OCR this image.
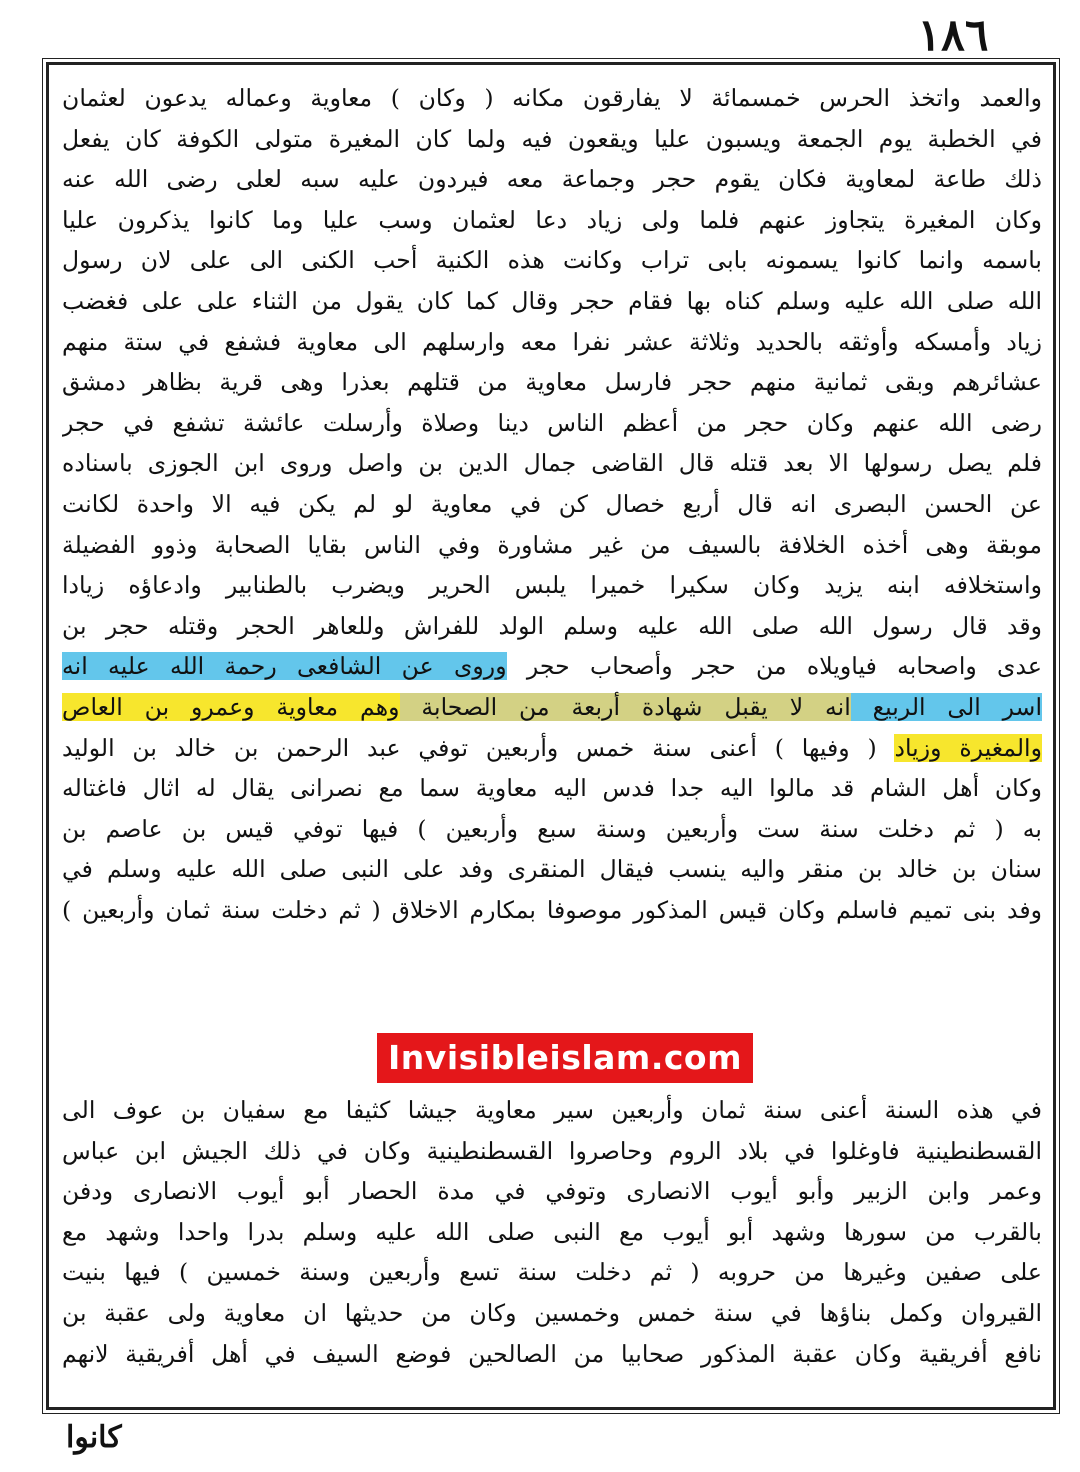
١٨٦
والعمد واتخذ الحرس خمسمائة لا يفارقون مكانه ( وكان ) معاوية وعماله يدعون لعثمان
في الخطبة يوم الجمعة ويسبون عليا ويقعون فيه ولما كان المغيرة متولى الكوفة كان يفعل
ذلك طاعة لمعاوية فكان يقوم حجر وجماعة معه فيردون عليه سبه لعلى رضى الله عنه
وكان المغيرة يتجاوز عنهم فلما ولى زياد دعا لعثمان وسب عليا وما كانوا يذكرون عليا
باسمه وانما كانوا يسمونه بابى تراب وكانت هذه الكنية أحب الكنى الى على لان رسول
الله صلى الله عليه وسلم كناه بها فقام حجر وقال كما كان يقول من الثناء على على فغضب
زياد وأمسكه وأوثقه بالحديد وثلاثة عشر نفرا معه وارسلهم الى معاوية فشفع في ستة منهم
عشائرهم وبقى ثمانية منهم حجر فارسل معاوية من قتلهم بعذرا وهى قرية بظاهر دمشق
رضى الله عنهم وكان حجر من أعظم الناس دينا وصلاة وأرسلت عائشة تشفع في حجر
فلم يصل رسولها الا بعد قتله قال القاضى جمال الدين بن واصل وروى ابن الجوزى باسناده
عن الحسن البصرى انه قال أربع خصال كن في معاوية لو لم يكن فيه الا واحدة لكانت
موبقة وهى أخذه الخلافة بالسيف من غير مشاورة وفي الناس بقايا الصحابة وذوو الفضيلة
واستخلافه ابنه يزيد وكان سكيرا خميرا يلبس الحرير ويضرب بالطنابير وادعاؤه زيادا
وقد قال رسول الله صلى الله عليه وسلم الولد للفراش وللعاهر الحجر وقتله حجر بن
عدى واصحابه فياويلاه من حجر وأصحاب حجر وروى عن الشافعى رحمة الله عليه انه
اسر الى الربيع انه لا يقبل شهادة أربعة من الصحابة وهم معاوية وعمرو بن العاص
والمغيرة وزياد ( وفيها ) أعنى سنة خمس وأربعين توفي عبد الرحمن بن خالد بن الوليد
وكان أهل الشام قد مالوا اليه جدا فدس اليه معاوية سما مع نصرانى يقال له اثال فاغتاله
به ( ثم دخلت سنة ست وأربعين وسنة سبع وأربعين ) فيها توفي قيس بن عاصم بن
سنان بن خالد بن منقر واليه ينسب فيقال المنقرى وفد على النبى صلى الله عليه وسلم في
وفد بنى تميم فاسلم وكان قيس المذكور موصوفا بمكارم الاخلاق ( ثم دخلت سنة ثمان وأربعين )
Invisibleislam.com
في هذه السنة أعنى سنة ثمان وأربعين سير معاوية جيشا كثيفا مع سفيان بن عوف الى
القسطنطينية فاوغلوا في بلاد الروم وحاصروا القسطنطينية وكان في ذلك الجيش ابن عباس
وعمر وابن الزبير وأبو أيوب الانصارى وتوفي في مدة الحصار أبو أيوب الانصارى ودفن
بالقرب من سورها وشهد أبو أيوب مع النبى صلى الله عليه وسلم بدرا واحدا وشهد مع
على صفين وغيرها من حروبه ( ثم دخلت سنة تسع وأربعين وسنة خمسين ) فيها بنيت
القيروان وكمل بناؤها في سنة خمس وخمسين وكان من حديثها ان معاوية ولى عقبة بن
نافع أفريقية وكان عقبة المذكور صحابيا من الصالحين فوضع السيف في أهل أفريقية لانهم
كانوا
